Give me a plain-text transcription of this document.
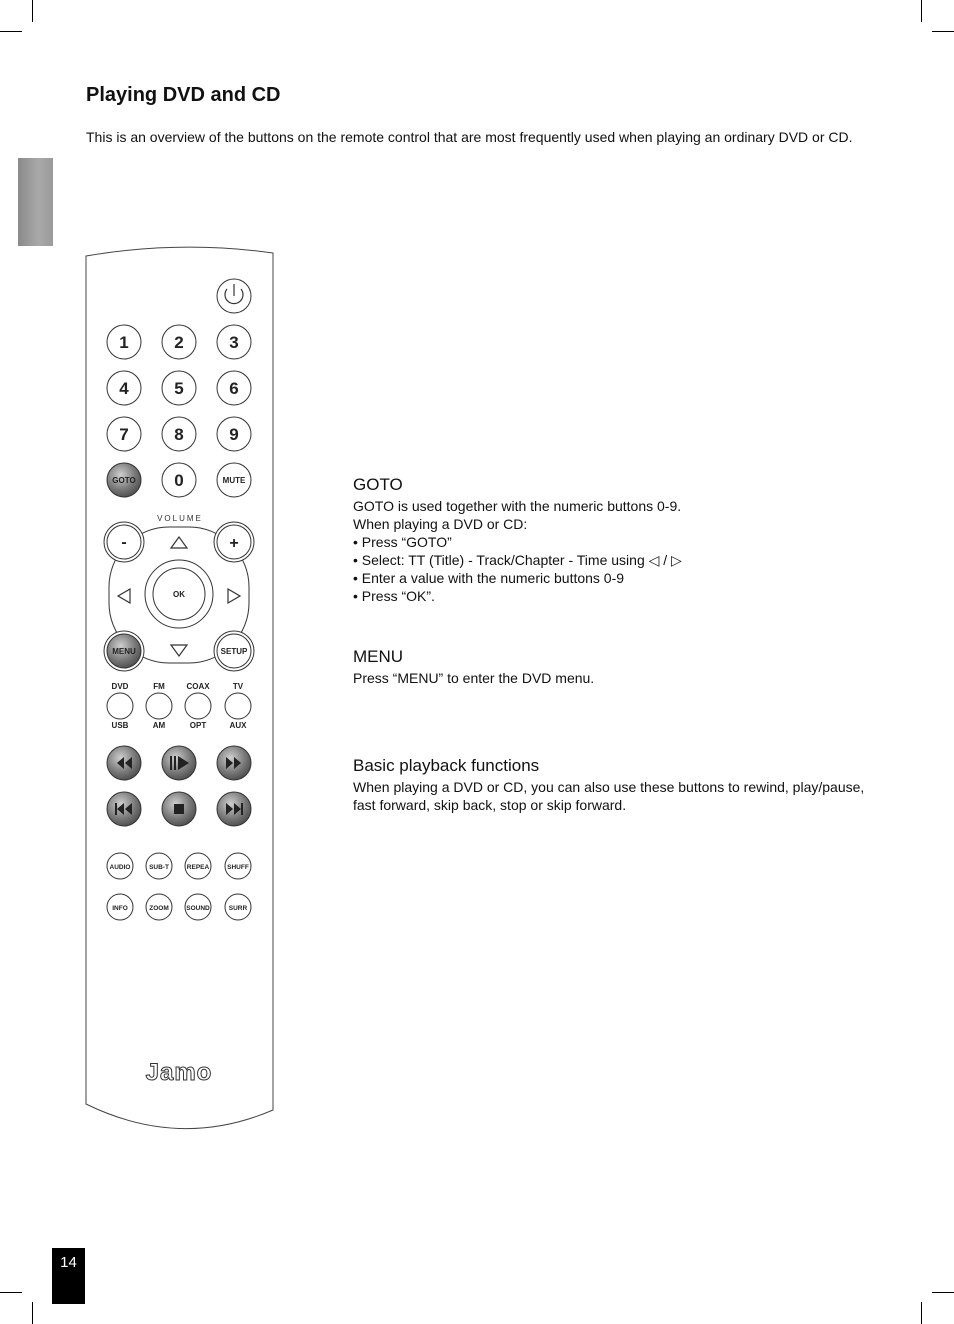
Playing DVD and CD

This is an overview of the buttons on the remote control that are most frequently used when playing an ordinary DVD or CD.

1	2	3
4	5	6
7	8	9
GOTO 0	MUTE
VOLUME
OK
-	+
MENU	SETUP
DVD	FM	COAX	TV
USB	AM	OPT	AUX
AUDIO	SUB-T	REPEA	SHUFF
INFO	ZOOM	SOUND	SURR
Jamo
GOTO

GOTO is used together with the numeric buttons 0-9.

When playing a DVD or CD:

• Press “GOTO”

• Select: TT (Title) - Track/Chapter - Time using ◁ / ▷

• Enter a value with the numeric buttons 0-9

• Press “OK”.

MENU

Press “MENU” to enter the DVD menu.

Basic playback functions

When playing a DVD or CD, you can also use these buttons to rewind, play/pause,

fast forward, skip back, stop or skip forward.

14
